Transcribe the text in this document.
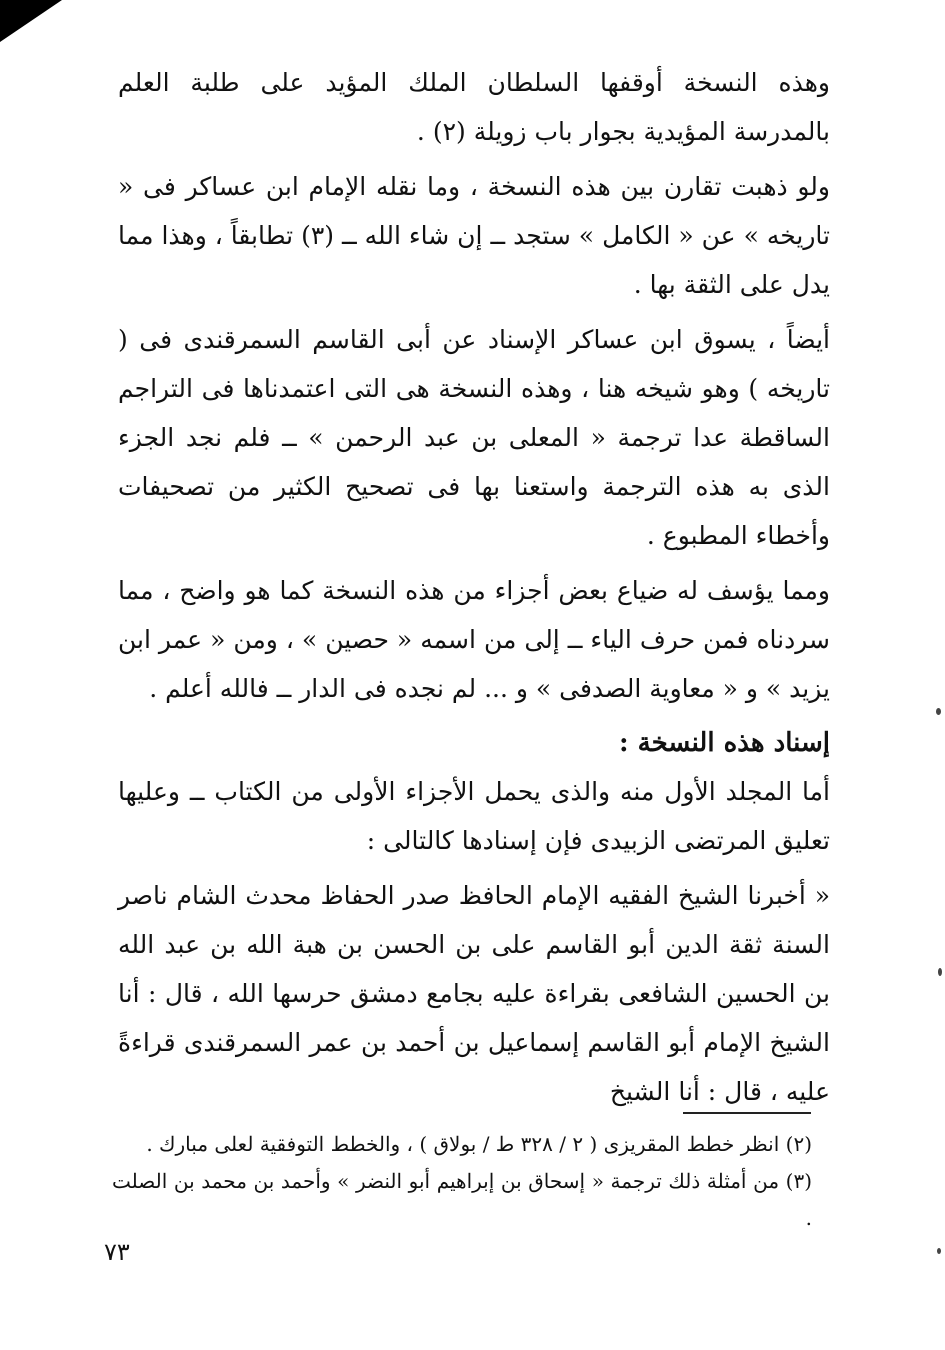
وهذه النسخة أوقفها السلطان الملك المؤيد على طلبة العلم بالمدرسة المؤيدية بجوار باب زويلة (٢) .

ولو ذهبت تقارن بين هذه النسخة ، وما نقله الإمام ابن عساكر فى « تاريخه » عن « الكامل » ستجد ــ إن شاء الله ــ (٣) تطابقاً ، وهذا مما يدل على الثقة بها .

أيضاً ، يسوق ابن عساكر الإسناد عن أبى القاسم السمرقندى فى ( تاريخه ) وهو شيخه هنا ، وهذه النسخة هى التى اعتمدناها فى التراجم الساقطة عدا ترجمة « المعلى بن عبد الرحمن » ــ فلم نجد الجزء الذى به هذه الترجمة واستعنا بها فى تصحيح الكثير من تصحيفات وأخطاء المطبوع .

ومما يؤسف له ضياع بعض أجزاء من هذه النسخة كما هو واضح ، مما سردناه فمن حرف الياء ــ إلى من اسمه « حصين » ، ومن « عمر ابن يزيد » و « معاوية الصدفى » و ... لم نجده فى الدار ــ فالله أعلم .

إسناد هذه النسخة :

أما المجلد الأول منه والذى يحمل الأجزاء الأولى من الكتاب ــ وعليها تعليق المرتضى الزبيدى فإن إسنادها كالتالى :

« أخبرنا الشيخ الفقيه الإمام الحافظ صدر الحفاظ محدث الشام ناصر السنة ثقة الدين أبو القاسم على بن الحسن بن هبة الله بن عبد الله بن الحسين الشافعى بقراءة عليه بجامع دمشق حرسها الله ، قال : أنا الشيخ الإمام أبو القاسم إسماعيل بن أحمد بن عمر السمرقندى قراءةً عليه ، قال : أنا الشيخ

(٢) انظر خطط المقريزى ( ٢ / ٣٢٨ ط / بولاق ) ، والخطط التوفقية لعلى مبارك .

(٣) من أمثلة ذلك ترجمة « إسحاق بن إبراهيم أبو النضر » وأحمد بن محمد بن الصلت .

٧٣
